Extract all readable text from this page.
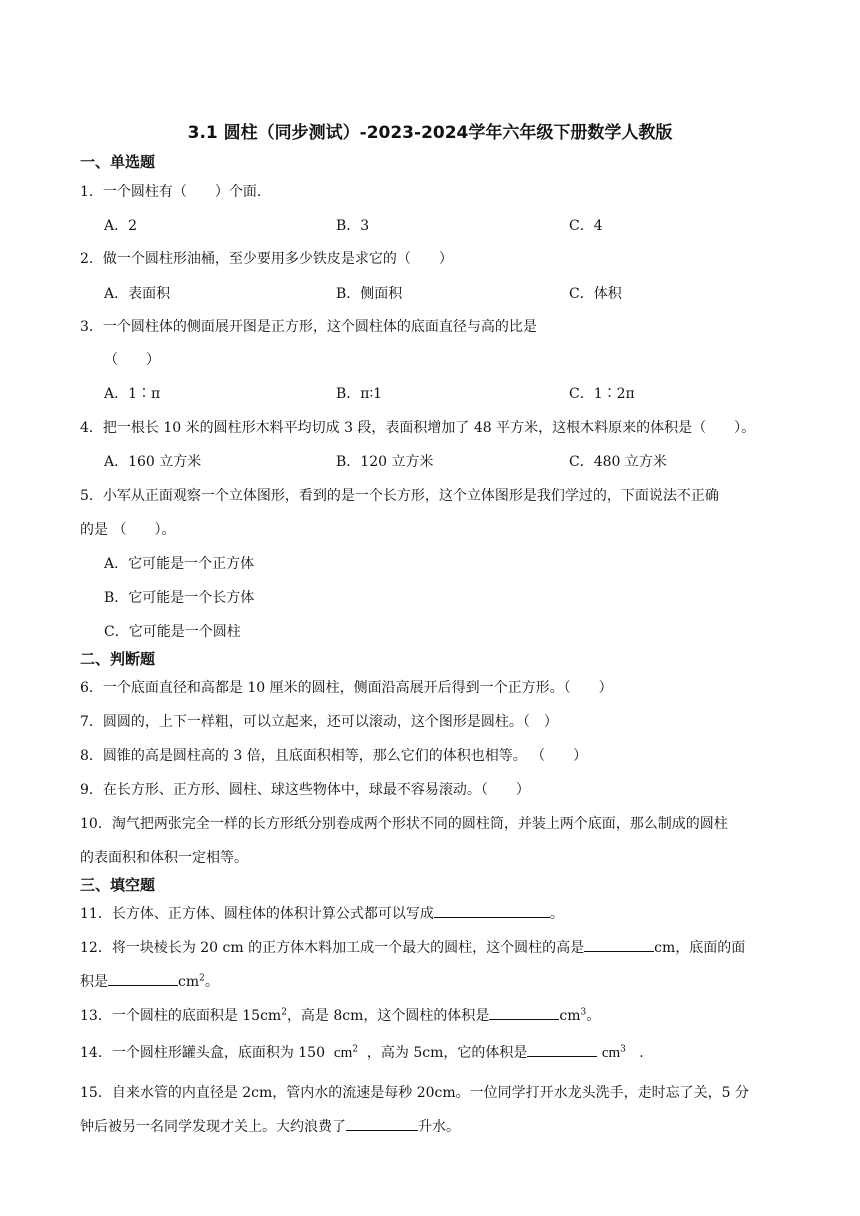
3.1 圆柱（同步测试）-2023-2024学年六年级下册数学人教版
一、单选题
1．一个圆柱有（　　）个面．
A．2	B．3	C．4
2．做一个圆柱形油桶，至少要用多少铁皮是求它的（　　）
A．表面积	B．侧面积	C．体积
3．一个圆柱体的侧面展开图是正方形，这个圆柱体的底面直径与高的比是
（　　）
A．1∶π	B．π∶1	C．1∶2π
4．把一根长 10 米的圆柱形木料平均切成 3 段，表面积增加了 48 平方米，这根木料原来的体积是（　　）。
A．160 立方米	B．120 立方米	C．480 立方米
5．小军从正面观察一个立体图形，看到的是一个长方形，这个立体图形是我们学过的，下面说法不正确
的是 （　　）。
A．它可能是一个正方体
B．它可能是一个长方体
C．它可能是一个圆柱
二、判断题
6．一个底面直径和高都是 10 厘米的圆柱，侧面沿高展开后得到一个正方形。（　　）
7．圆圆的，上下一样粗，可以立起来，还可以滚动，这个图形是圆柱。（　）
8．圆锥的高是圆柱高的 3 倍，且底面积相等，那么它们的体积也相等。 （　　）
9．在长方形、正方形、圆柱、球这些物体中，球最不容易滚动。（　　）
10．淘气把两张完全一样的长方形纸分别卷成两个形状不同的圆柱筒，并装上两个底面，那么制成的圆柱
的表面积和体积一定相等。
三、填空题
11．长方体、正方体、圆柱体的体积计算公式都可以写成	。
12．将一块棱长为 20 cm 的正方体木料加工成一个最大的圆柱，这个圆柱的高是	cm，底面的面
积是	$cm^2$。
13．一个圆柱的底面积是 $15cm^2$，高是 8cm，这个圆柱的体积是	$cm^3$。
14．一个圆柱形罐头盒，底面积为 150 $cm^2$ ，高为 5cm，它的体积是	$cm^3$ .
15．自来水管的内直径是 2cm，管内水的流速是每秒 20cm。一位同学打开水龙头洗手，走时忘了关，5 分
钟后被另一名同学发现才关上。大约浪费了	升水。
